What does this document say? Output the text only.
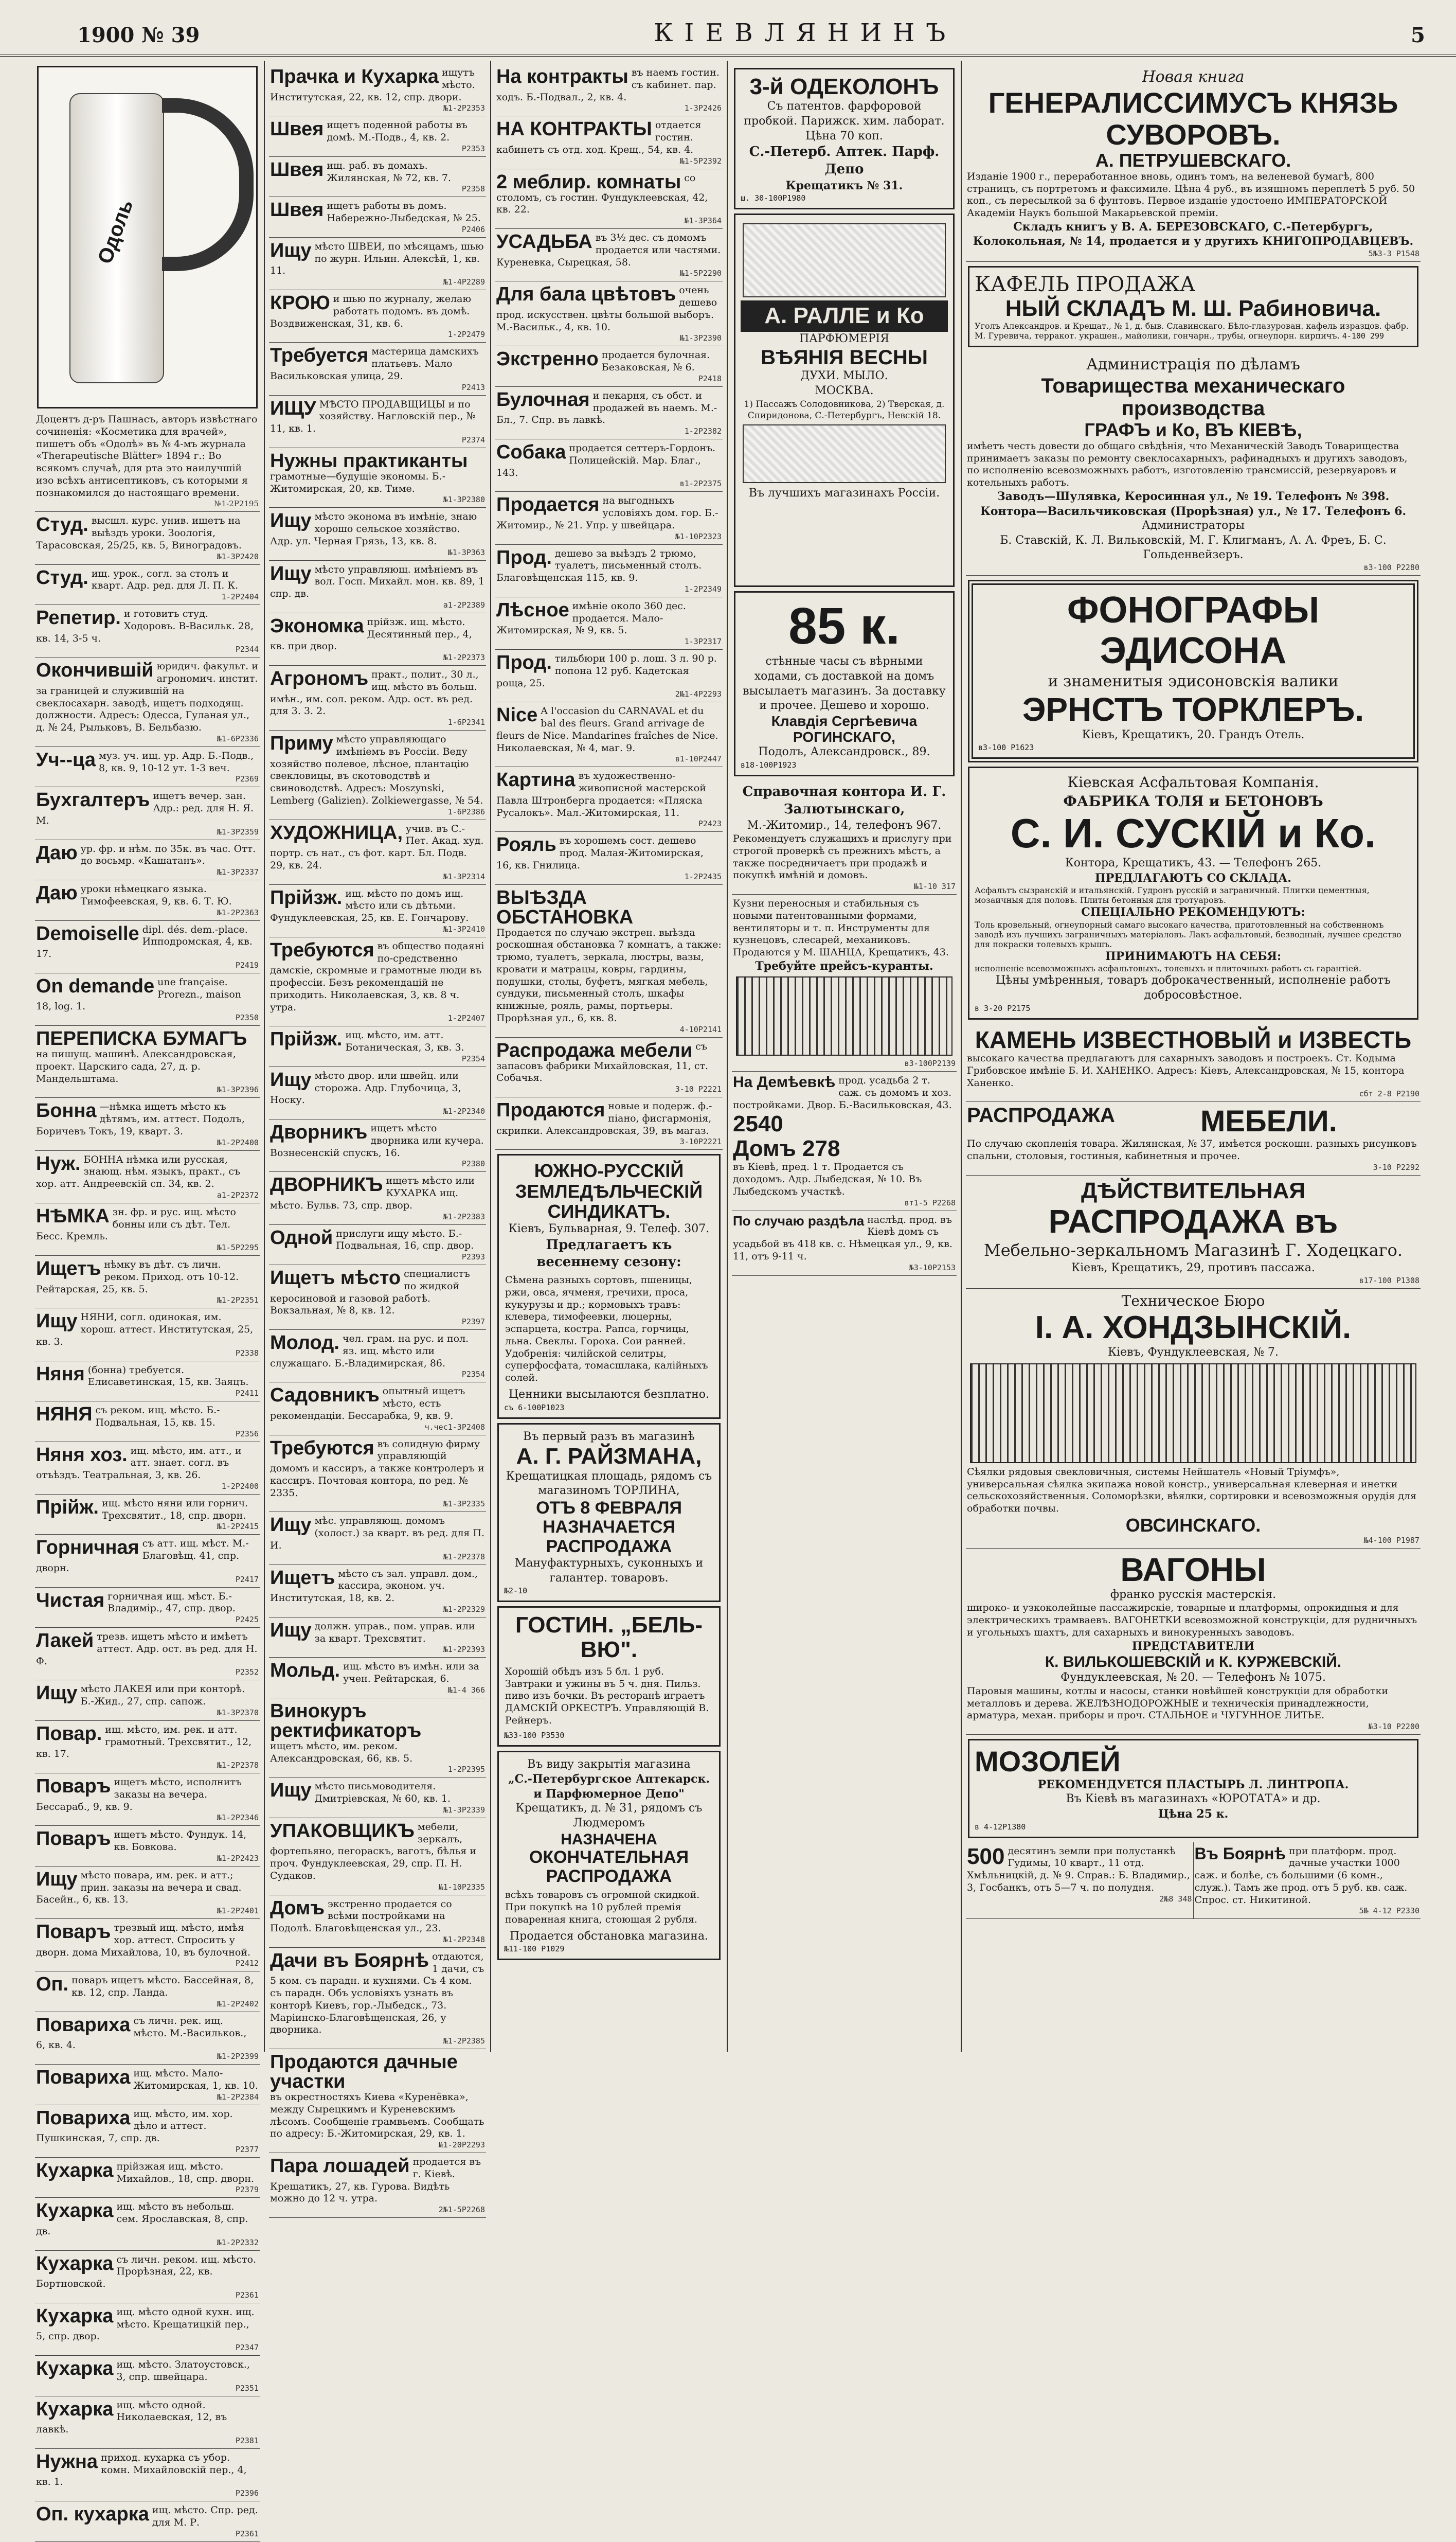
1900 № 39	КІЕВЛЯНИНЪ	5
Одоль
Доцентъ д-ръ Пашнасъ, авторъ извѣстнаго сочиненія: «Косметика для врачей», пишетъ объ «Одолѣ» въ № 4-мъ журнала «Therapeutische Blätter» 1894 г.: Во всякомъ случаѣ, для рта это наилучшій изо всѣхъ антисептиковъ, съ которыми я познакомился до настоящаго времени.
№1-2P2195
Студ. высшл. курс. унив. ищетъ на выѣздъ уроки. Зоологія, Тарасовская, 25/25, кв. 5, Виноградовъ.
№1-3P2420
Студ. ищ. урок., согл. за столъ и кварт. Адр. ред. для Л. П. К.
1-2P2404
Репетир. и готовитъ студ. Ходоровъ. В-Васильк. 28, кв. 14, 3-5 ч.
P2344
Окончившій юридич. факульт. и агрономич. инстит. за границей и служившій на свеклосахарн. заводѣ, ищетъ подходящ. должности. Адресъ: Одесса, Гуланая ул., д. № 24, Рыльковъ, В. Бельбазю.
№1-6P2336
Уч--ца муз. уч. ищ. ур. Адр. Б.-Подв., 8, кв. 9, 10-12 ут. 1-3 веч.
P2369
Бухгалтеръ ищетъ вечер. зан. Адр.: ред. для Н. Я. М.
№1-3P2359
Даю ур. фр. и нѣм. по 35к. въ час. Отт. до восьмр. «Кашатанъ».
№1-3P2337
Даю уроки нѣмецкаго языка. Тимофеевская, 9, кв. 6. Т. Ю.
№1-2P2363
Demoiselle dipl. dés. dem.-place. Ипподромская, 4, кв. 17.
P2419
On demande une française. Prorezn., maison 18, log. 1.
P2350
ПЕРЕПИСКА БУМАГЪ
на пишущ. машинѣ. Александровская, проект. Царскиго сада, 27, д. р. Мандельштама.
№1-3P2396
Бонна —нѣмка ищетъ мѣсто къ дѣтямъ, им. аттест. Подолъ, Боричевъ Токъ, 19, кварт. 3.
№1-2P2400
Нуж. БОННА нѣмка или русская, знающ. нѣм. языкъ, практ., съ хор. атт. Андреевскій сп. 34, кв. 2.
а1-2P2372
НѢМКА зн. фр. и рус. ищ. мѣсто бонны или съ дѣт. Тел. Бесс. Кремль.
№1-5P2295
Ищетъ нѣмку въ дѣт. съ личн. реком. Приход. отъ 10-12. Рейтарская, 25, кв. 5.
№1-2P2351
Ищу НЯНИ, согл. одинокая, им. хорош. аттест. Институтская, 25, кв. 3.
P2338
Няня (бонна) требуется. Елисаветинская, 15, кв. Заяцъ.
P2411
НЯНЯ съ реком. ищ. мѣсто. Б.-Подвальная, 15, кв. 15.
P2356
Няня хоз. ищ. мѣсто, им. атт., и атт. знает. согл. въ отъѣздъ. Театральная, 3, кв. 26.
1-2P2400
Прійж. ищ. мѣсто няни или горнич. Трехсвятит., 18, спр. дворн.
№1-2P2415
Горничная съ атт. ищ. мѣст. М.-Благовѣщ. 41, спр. дворн.
P2417
Чистая горничная ищ. мѣст. Б.-Владимір., 47, спр. двор.
P2425
Лакей трезв. ищетъ мѣсто и имѣетъ аттест. Адр. ост. въ ред. для Н. Ф.
P2352
Ищу мѣсто ЛАКЕЯ или при конторѣ. Б.-Жид., 27, спр. сапож.
№1-3P2370
Повар. ищ. мѣсто, им. рек. и атт. грамотный. Трехсвятит., 12, кв. 17.
№1-2P2378
Поваръ ищетъ мѣсто, исполнитъ заказы на вечера. Бессараб., 9, кв. 9.
№1-2P2346
Поваръ ищетъ мѣсто. Фундук. 14, кв. Бовкова.
№1-2P2423
Ищу мѣсто повара, им. рек. и атт.; прин. заказы на вечера и свад. Басейн., 6, кв. 13.
№1-2P2401
Поваръ трезвый ищ. мѣсто, имѣя хор. аттест. Спросить у дворн. дома Михайлова, 10, въ булочной.
P2412
Оп. поваръ ищетъ мѣсто. Бассейная, 8, кв. 12, спр. Ланда.
№1-2P2402
Повариха съ личн. рек. ищ. мѣсто. М.-Васильков., 6, кв. 4.
№1-2P2399
Повариха ищ. мѣсто. Мало-Житомирская, 1, кв. 10.
№1-2P2384
Повариха ищ. мѣсто, им. хор. дѣло и аттест. Пушкинская, 7, спр. дв.
P2377
Кухарка прійзжая ищ. мѣсто. Михайлов., 18, спр. дворн.
P2379
Кухарка ищ. мѣсто въ небольш. сем. Ярославская, 8, спр. дв.
№1-2P2332
Кухарка съ личн. реком. ищ. мѣсто. Прорѣзная, 22, кв. Бортновской.
P2361
Кухарка ищ. мѣсто одной кухн. ищ. мѣсто. Крещатицкій пер., 5, спр. двор.
P2347
Кухарка ищ. мѣсто. Златоустовск., 3, спр. швейцара.
P2351
Кухарка ищ. мѣсто одной. Николаевская, 12, въ лавкѣ.
P2381
Нужна приход. кухарка съ убор. комн. Михайловскій пер., 4, кв. 1.
P2396
Оп. кухарка ищ. мѣсто. Спр. ред. для М. Р.
P2361
Прачка и Кухарка ищутъ мѣсто. Институтская, 22, кв. 12, спр. двори.
№1-2P2353
Швея ищетъ поденной работы въ домѣ. М.-Подв., 4, кв. 2.
P2353
Швея ищ. раб. въ домахъ. Жилянская, № 72, кв. 7.
P2358
Швея ищетъ работы въ домъ. Набережно-Лыбедская, № 25.
P2406
Ищу мѣсто ШВЕИ, по мѣсяцамъ, шью по журн. Ильин. Алексѣй, 1, кв. 11.
№1-4P2289
КРОЮ и шью по журналу, желаю работать подомъ. въ домѣ. Воздвиженская, 31, кв. 6.
1-2P2479
Требуется мастерица дамскихъ платьевъ. Мало Васильковская улица, 29.
P2413
ИЩУ МѢСТО ПРОДАВЩИЦЫ и по хозяйству. Нагловскій пер., № 11, кв. 1.
P2374
Нужны практиканты
грамотные—будущіе экономы. Б.-Житомирская, 20, кв. Тиме.
№1-3P2380
Ищу мѣсто эконома въ имѣніе, знаю хорошо сельское хозяйство. Адр. ул. Черная Грязь, 13, кв. 8.
№1-3P363
Ищу мѣсто управляющ. имѣніемъ въ вол. Госп. Михайл. мон. кв. 89, 1 спр. дв.
а1-2P2389
Экономка прійзж. ищ. мѣсто. Десятинный пер., 4, кв. при двор.
№1-2P2373
Агрономъ практ., полит., 30 л., ищ. мѣсто въ больш. имѣн., им. сол. реком. Адр. ост. въ ред. для 3. 3. 2.
1-6P2341
Приму мѣсто управляющаго имѣніемъ въ Россіи. Веду хозяйство полевое, лѣсное, плантацію свекловицы, въ скотоводствѣ и свиноводствѣ. Адресъ: Moszynski, Lemberg (Galizien). Zolkiewergasse, № 54.
1-6P2386
ХУДОЖНИЦА, учив. въ С.-Пет. Акад. худ. портр. съ нат., съ фот. карт. Бл. Подв. 29, кв. 24.
№1-3P2314
Прійзж. ищ. мѣсто по домъ ищ. мѣсто или съ дѣтьми. Фундуклеевская, 25, кв. Е. Гончарову.
№1-3P2410
Требуются въ общество подаяні по-средственно дамскіе, скромные и грамотные люди въ профессіи. Безъ рекомендацій не приходить. Николаевская, 3, кв. 8 ч. утра.
1-2P2407
Прійзж. ищ. мѣсто, им. атт. Ботаническая, 3, кв. 3.
P2354
Ищу мѣсто двор. или швейц. или сторожа. Адр. Глубочица, 3, Носку.
№1-2P2340
Дворникъ ищетъ мѣсто дворника или кучера. Вознесенскій спускъ, 16.
P2380
ДВОРНИКЪ ищетъ мѣсто или КУХАРКА ищ. мѣсто. Бульв. 73, спр. двор.
№1-2P2383
Одной прислуги ищу мѣсто. Б.-Подвальная, 16, спр. двор.
P2393
Ищетъ мѣсто специалистъ по жидкой керосиновой и газовой работѣ. Вокзальная, № 8, кв. 12.
P2397
Молод. чел. грам. на рус. и пол. яз. ищ. мѣсто или служащаго. Б.-Владимирская, 86.
P2354
Садовникъ опытный ищетъ мѣсто, есть рекомендаціи. Бессарабка, 9, кв. 9.
ч.чес1-3P2408
Требуются въ солидную фирму управляющій домомъ и кассиръ, а также контролеръ и кассиръ. Почтовая контора, по ред. № 2335.
№1-3P2335
Ищу мѣс. управляющ. домомъ (холост.) за кварт. въ ред. для П. И.
№1-2P2378
Ищетъ мѣсто съ зал. управл. дом., кассира, эконом. уч. Институтская, 18, кв. 2.
№1-2P2329
Ищу должн. управ., пом. управ. или за кварт. Трехсвятит.
№1-2P2393
Мольд. ищ. мѣсто въ имѣн. или за учен. Рейтарская, 6.
№1-4 366
Винокуръ ректификаторъ
ищетъ мѣсто, им. реком. Александровская, 66, кв. 5.
1-2P2395
Ищу мѣсто письмоводителя. Дмитріевская, № 60, кв. 1.
№1-3P2339
УПАКОВЩИКЪ мебели, зеркалъ, фортепьяно, пегораскъ, ваготъ, бѣлья и проч. Фундуклеевская, 29, спр. П. Н. Судаков.
№1-10P2335
Домъ экстренно продается со всѣми постройками на Подолѣ. Благовѣщенская ул., 23.
№1-2P2348
Дачи въ Боярнѣ отдаются, 1 дачи, съ 5 ком. съ парадн. и кухнями. Съ 4 ком. съ парадн. Объ условіяхъ узнать въ конторѣ Киевъ, гор.-Лыбедск., 73. Маріинско-Благовѣщенская, 26, у дворника.
№1-2P2385
Продаются дачные участки
въ окрестностяхъ Киева «Куренёвка», между Сырецкимъ и Куреневскимъ лѣсомъ. Сообщеніе грамвьемъ. Сообщать по адресу: Б.-Житомирская, 29, кв. 1.
№1-20P2293
Пара лошадей продается въ г. Кіевѣ. Крещатикъ, 27, кв. Гурова. Видѣть можно до 12 ч. утра.
2№1-5P2268
На контракты въ наемъ гостин. съ кабинет. пар. ходъ. Б.-Подвал., 2, кв. 4.
1-3P2426
НА КОНТРАКТЫ отдается гостин. кабинетъ съ отд. ход. Крещ., 54, кв. 4.
№1-5P2392
2 меблир. комнаты со столомъ, съ гостин. Фундуклеевская, 42, кв. 22.
№1-3P364
УСАДЬБА въ 3½ дес. съ домомъ продается или частями. Куреневка, Сырецкая, 58.
№1-5P2290
Для бала цвѣтовъ очень дешево прод. искусствен. цвѣты большой выборъ. М.-Васильк., 4, кв. 10.
№1-3P2390
Экстренно продается булочная. Безаковская, № 6.
P2418
Булочная и пекарня, съ обст. и продажей въ наемъ. М.-Бл., 7. Спр. въ лавкѣ.
1-2P2382
Собака продается сеттеръ-Гордонъ. Полицейскій. Мар. Благ., 143.
в1-2P2375
Продается на выгодныхъ условіяхъ дом. гор. Б.-Житомир., № 21. Упр. у швейцара.
№1-10P2323
Прод. дешево за выѣздъ 2 трюмо, туалетъ, письменный столъ. Благовѣщенская 115, кв. 9.
1-2P2349
Лѣсное имѣніе около 360 дес. продается. Мало-Житомирская, № 9, кв. 5.
1-3P2317
Прод. тильбюри 100 р. лош. 3 л. 90 р. попона 12 руб. Кадетская роща, 25.
2№1-4P2293
Nice A l'occasion du CARNAVAL et du bal des fleurs. Grand arrivage de fleurs de Nice. Mandarines fraîches de Nice. Николаевская, № 4, маг. 9.
в1-10P2447
Картина въ художественно-живописной мастерской Павла Штронберга продается: «Пляска Русалокъ». Мал.-Житомирская, 11.
P2423
Рояль въ хорошемъ сост. дешево прод. Малая-Житомирская, 16, кв. Гнилица.
1-2P2435
ВЫѢЗДА ОБСТАНОВКА
Продается по случаю экстрен. выѣзда роскошная обстановка 7 комнатъ, а также: трюмо, туалетъ, зеркала, люстры, вазы, кровати и матрацы, ковры, гардины, подушки, столы, буфетъ, мягкая мебель, сундуки, письменный столъ, шкафы книжные, рояль, рамы, портьеры. Прорѣзная ул., 6, кв. 8.
4-10P2141
Распродажа мебели съ запасовъ фабрики Михайловская, 11, ст. Собачья.
3-10 P2221
Продаются новые и подерж. ф.-піано, фисгармонія, скрипки. Александровская, 39, въ магаз.
3-10P2221
ЮЖНО-РУССКІЙ ЗЕМЛЕДѢЛЬЧЕСКІЙ СИНДИКАТЪ.
Кіевъ, Бульварная, 9. Телеф. 307.
Предлагаетъ къ весеннему сезону:
Сѣмена разныхъ сортовъ, пшеницы, ржи, овса, ячменя, гречихи, проса, кукурузы и др.; кормовыхъ травъ: клевера, тимофеевки, люцерны, эспарцета, костра. Рапса, горчицы, льна. Свеклы. Гороха. Сои ранней. Удобренія: чилійской селитры, суперфосфата, томасшлака, калійныхъ солей.
Ценники высылаются безплатно.
съ 6-100P1023
Въ первый разъ въ магазинѣ
А. Г. РАЙЗМАНА,
Крещатицкая площадь, рядомъ съ магазиномъ ТОРЛИНА,
ОТЪ 8 ФЕВРАЛЯ НАЗНАЧАЕТСЯ РАСПРОДАЖА
Мануфактурныхъ, суконныхъ и галантер. товаровъ.
№2-10
ГОСТИН. „БЕЛЬ-ВЮ".
Хорошій обѣдъ изъ 5 бл. 1 руб. Завтраки и ужины въ 5 ч. дня. Пильз. пиво изъ бочки. Въ ресторанѣ играетъ ДАМСКІЙ ОРКЕСТРЪ. Управляющій В. Рейнеръ.
№33-100 P3530
Въ виду закрытія магазина
„С.-Петербургское Аптекарск. и Парфюмерное Депо"
Крещатикъ, д. № 31, рядомъ съ Людмеромъ
НАЗНАЧЕНА
ОКОНЧАТЕЛЬНАЯ РАСПРОДАЖА
всѣхъ товаровъ съ огромной скидкой. При покупкѣ на 10 рублей премія поваренная книга, стоющая 2 рубля.
Продается обстановка магазина.
№11-100 P1029
3-й ОДЕКОЛОНЪ
Съ патентов. фарфоровой пробкой. Парижск. хим. лаборат. Цѣна 70 коп.
С.-Петерб. Аптек. Парф. Депо
Крещатикъ № 31.
ш. 30-100P1980
А. РАЛЛЕ и Ко
ПАРФЮМЕРІЯ
ВѢЯНІЯ ВЕСНЫ
ДУХИ. МЫЛО.
МОСКВА.
1) Пассажъ Солодовникова, 2) Тверская, д. Спиридонова, С.-Петербургъ, Невскій 18.
Въ лучшихъ магазинахъ Россіи.
85 к.
стѣнные часы съ вѣрными ходами, съ доставкой на домъ высылаетъ магазинъ. За доставку и прочее. Дешево и хорошо.
Клавдія Сергѣевича РОГИНСКАГО,
Подолъ, Александровск., 89.
в18-100P1923
Справочная контора И. Г. Залютынскаго,
М.-Житомир., 14, телефонъ 967.
Рекомендуетъ служащихъ и прислугу при строгой проверкѣ съ прежнихъ мѣстъ, а также посредничаетъ при продажѣ и покупкѣ имѣній и домовъ.
№1-10 317
Кузни переносныя и стабильныя съ новыми патентованными формами, вентиляторы и т. п. Инструменты для кузнецовъ, слесарей, механиковъ. Продаются у М. ШАНЦА, Крещатикъ, 43.
Требуйте прейсъ-куранты.
в3-100P2139
На Демѣевкѣ прод. усадьба 2 т. саж. съ домомъ и хоз. постройками. Двор. Б.-Васильковская, 43.
2540
Домъ 278
въ Кіевѣ, пред. 1 т. Продается съ доходомъ. Адр. Лыбедская, № 10. Въ Лыбедскомъ участкѣ.
вт1-5 Р2268
По случаю раздѣла наслѣд. прод. въ Кіевѣ домъ съ усадьбой въ 418 кв. с. Нѣмецкая ул., 9, кв. 11, отъ 9-11 ч.
№3-10P2153
Новая книга
ГЕНЕРАЛИССИМУСЪ КНЯЗЬ СУВОРОВЪ.
А. ПЕТРУШЕВСКАГО.
Изданіе 1900 г., переработанное вновь, одинъ томъ, на веленевой бумагѣ, 800 страницъ, съ портретомъ и факсимиле. Цѣна 4 руб., въ изящномъ переплетѣ 5 руб. 50 коп., съ пересылкой за 6 фунтовъ. Первое изданіе удостоено ИМПЕРАТОРСКОЙ Академіи Наукъ большой Макарьевской преміи.
Складъ книгъ у В. А. БЕРЕЗОВСКАГО, С.-Петербургъ, Колокольная, № 14, продается и у другихъ КНИГОПРОДАВЦЕВЪ.
5№3-3 P1548
КАФЕЛЬ ПРОДАЖА
НЫЙ СКЛАДЪ М. Ш. Рабиновича.
Уголъ Александров. и Крещат., № 1, д. быв. Славинскаго. Бѣло-глазурован. кафель изразцов. фабр. М. Гуревича, терракот. украшен., майолики, гончарн., трубы, огнеупорн. кирпичъ. 4-100 299
Администрація по дѣламъ
Товарищества механическаго производства
ГРАФЪ и Ко, ВЪ КІЕВѢ,
имѣетъ честь довести до общаго свѣдѣнія, что Механическій Заводъ Товарищества принимаетъ заказы по ремонту свеклосахарныхъ, рафинадныхъ и другихъ заводовъ, по исполненію всевозможныхъ работъ, изготовленію трансмиссій, резервуаровъ и котельныхъ работъ.
Заводъ—Шулявка, Керосинная ул., № 19. Телефонъ № 398.
Контора—Васильчиковская (Прорѣзная) ул., № 17. Телефонъ 6.
Администраторы
Б. Ставскій, К. Л. Вильковскій, М. Г. Клигманъ, А. А. Фреъ, Б. С. Гольденвейзеръ.
в3-100 Р2280
ФОНОГРАФЫ ЭДИСОНА
и знаменитыя эдисоновскія валики
ЭРНСТЪ ТОРКЛЕРЪ.
Кіевъ, Крещатикъ, 20. Грандъ Отель.
в3-100 Р1623
Кіевская Асфальтовая Компанія.
ФАБРИКА ТОЛЯ и БЕТОНОВЪ
С. И. СУСКІЙ и Ко.
Контора, Крещатикъ, 43. — Телефонъ 265.
ПРЕДЛАГАЮТЪ СО СКЛАДА.
Асфальтъ сызранскій и итальянскій. Гудронъ русскій и заграничный. Плитки цементныя, мозаичныя для половъ. Плиты бетонныя для тротуаровъ.
СПЕЦІАЛЬНО РЕКОМЕНДУЮТЪ:
Толь кровельный, огнеупорный самаго высокаго качества, приготовленный на собственномъ заводѣ изъ лучшихъ заграничныхъ матеріаловъ. Лакъ асфальтовый, безводный, лучшее средство для покраски толевыхъ крышъ.
ПРИНИМАЮТЪ НА СЕБЯ:
исполненіе всевозможныхъ асфальтовыхъ, толевыхъ и плиточныхъ работъ съ гарантіей.
Цѣны умѣренныя, товаръ доброкачественный, исполненіе работъ добросовѣстное.
в 3-20 Р2175
КАМЕНЬ ИЗВЕСТНОВЫЙ и ИЗВЕСТЬ
высокаго качества предлагаютъ для сахарныхъ заводовъ и построекъ. Ст. Кодыма Грибовское имѣніе Б. И. ХАНЕНКО. Адресъ: Кіевъ, Александровская, № 15, контора Ханенко.
сбт 2-8 Р2190
РАСПРОДАЖА	МЕБЕЛИ.
По случаю скопленія товара. Жилянская, № 37, имѣется роскошн. разныхъ рисунковъ спальни, столовыя, гостиныя, кабинетныя и прочее.
3-10 Р2292
ДѢЙСТВИТЕЛЬНАЯ
РАСПРОДАЖА въ
Мебельно-зеркальномъ Магазинѣ Г. Ходецкаго.
Кіевъ, Крещатикъ, 29, противъ пассажа.
в17-100 Р1308
Техническое Бюро
I. А. ХОНДЗЫНСКІЙ.
Кіевъ, Фундуклеевская, № 7.
Сѣялки рядовыя свекловичныя, системы Нейшатель «Новый Тріумфъ», универсальная сѣялка экипажа новой констр., универсальная клеверная и инетки сельскохозяйственныя. Соломорѣзки, вѣялки, сортировки и всевозможныя орудія для обработки почвы.
ОВСИНСКАГО.
№4-100 Р1987
ВАГОНЫ
франко русскія мастерскія.
широко- и узкоколейные пассажирскіе, товарные и платформы, опрокидныя и для электрическихъ трамваевъ. ВАГОНЕТКИ всевозможной конструкціи, для рудничныхъ и угольныхъ шахтъ, для сахарныхъ и винокуренныхъ заводовъ.
ПРЕДСТАВИТЕЛИ
К. ВИЛЬКОШЕВСКІЙ и К. КУРЖЕВСКІЙ.
Фундуклеевская, № 20. — Телефонъ № 1075.
Паровыя машины, котлы и насосы, станки новѣйшей конструкціи для обработки металловъ и дерева. ЖЕЛѢЗНОДОРОЖНЫЕ и техническія принадлежности, арматура, механ. приборы и проч. СТАЛЬНОЕ и ЧУГУННОЕ ЛИТЬЕ.
№3-10 Р2200
МОЗОЛЕЙ
РЕКОМЕНДУЕТСЯ ПЛАСТЫРЬ Л. ЛИНТРОПА.
Въ Кіевѣ въ магазинахъ «ЮРОТАТА» и др.
Цѣна 25 к.
в 4-12Р1380
500 десятинъ земли при полустанкѣ Гудимы, 10 кварт., 11 отд. Хмѣльницкій, д. № 9. Справ.: Б. Владимир., 3, Госбанкъ, отъ 5—7 ч. по полудня.
2№8 348
Въ Боярнѣ при платформ. прод. дачные участки 1000 саж. и болѣе, съ большими (6 комн., служ.). Тамъ же прод. отъ 5 руб. кв. саж. Спрос. ст. Никитиной.
5№ 4-12 Р2330
